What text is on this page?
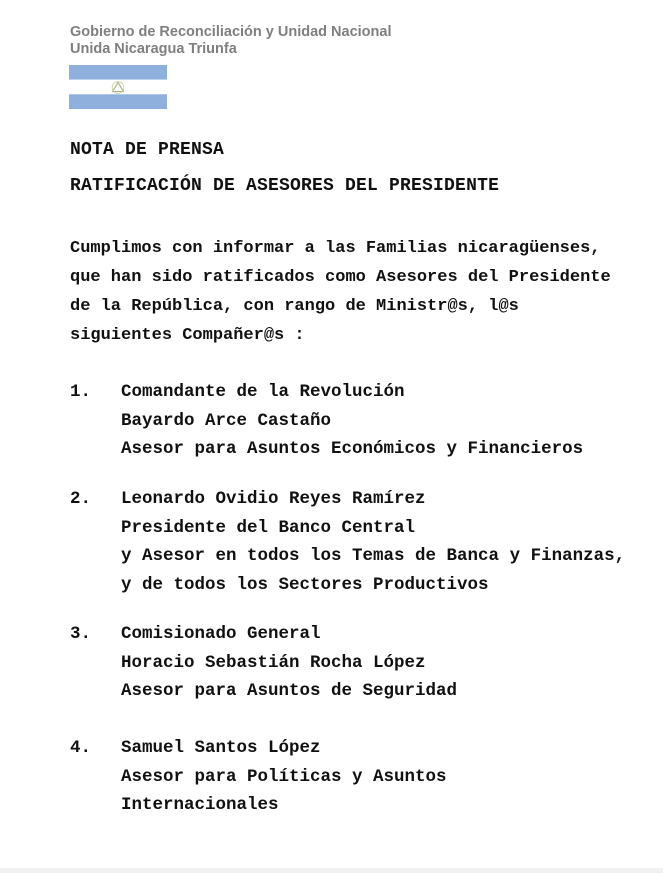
Gobierno de Reconciliación y Unidad Nacional
Unida Nicaragua Triunfa
NOTA DE PRENSA
RATIFICACIÓN DE ASESORES DEL PRESIDENTE
Cumplimos con informar a las Familias nicaragüenses,
que han sido ratificados como Asesores del Presidente
de la República, con rango de Ministr@s, l@s
siguientes Compañer@s :
1. Comandante de la Revolución
Bayardo Arce Castaño
Asesor para Asuntos Económicos y Financieros
2. Leonardo Ovidio Reyes Ramírez
Presidente del Banco Central
y Asesor en todos los Temas de Banca y Finanzas,
y de todos los Sectores Productivos
3. Comisionado General
Horacio Sebastián Rocha López
Asesor para Asuntos de Seguridad
4. Samuel Santos López
Asesor para Políticas y Asuntos
Internacionales
